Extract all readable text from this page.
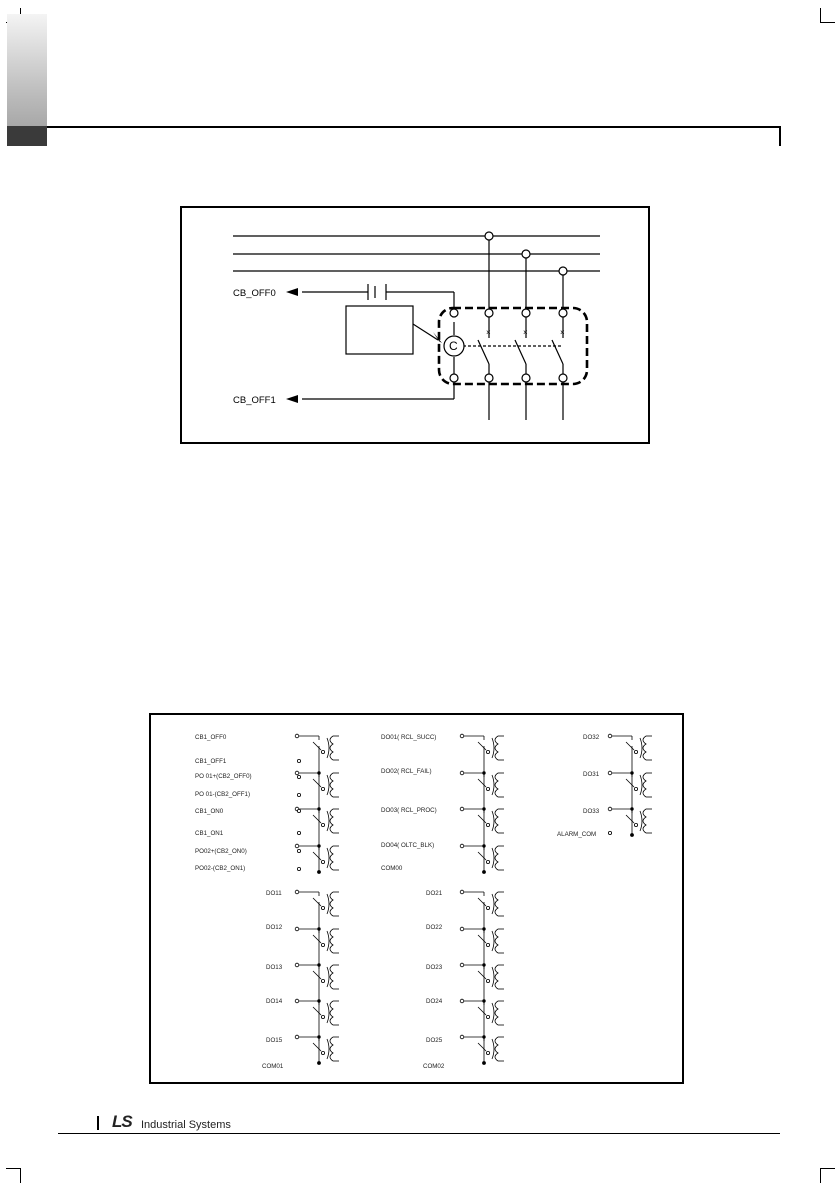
×	×	×
C
CB_OFF0
CB_OFF1
CB1_OFF0
CB1_OFF1
PO 01+(CB2_OFF0)
PO 01-(CB2_OFF1)
CB1_ON0
CB1_ON1
PO02+(CB2_ON0)
PO02-(CB2_ON1)
DO01( RCL_SUCC)
DO02( RCL_FAIL)
DO03( RCL_PROC)
DO04( OLTC_BLK)
COM00
DO32
DO31
DO33
ALARM_COM
DO11
DO12
DO13
DO14
DO15
COM01
DO21
DO22
DO23
DO24
DO25
COM02
LS Industrial Systems
